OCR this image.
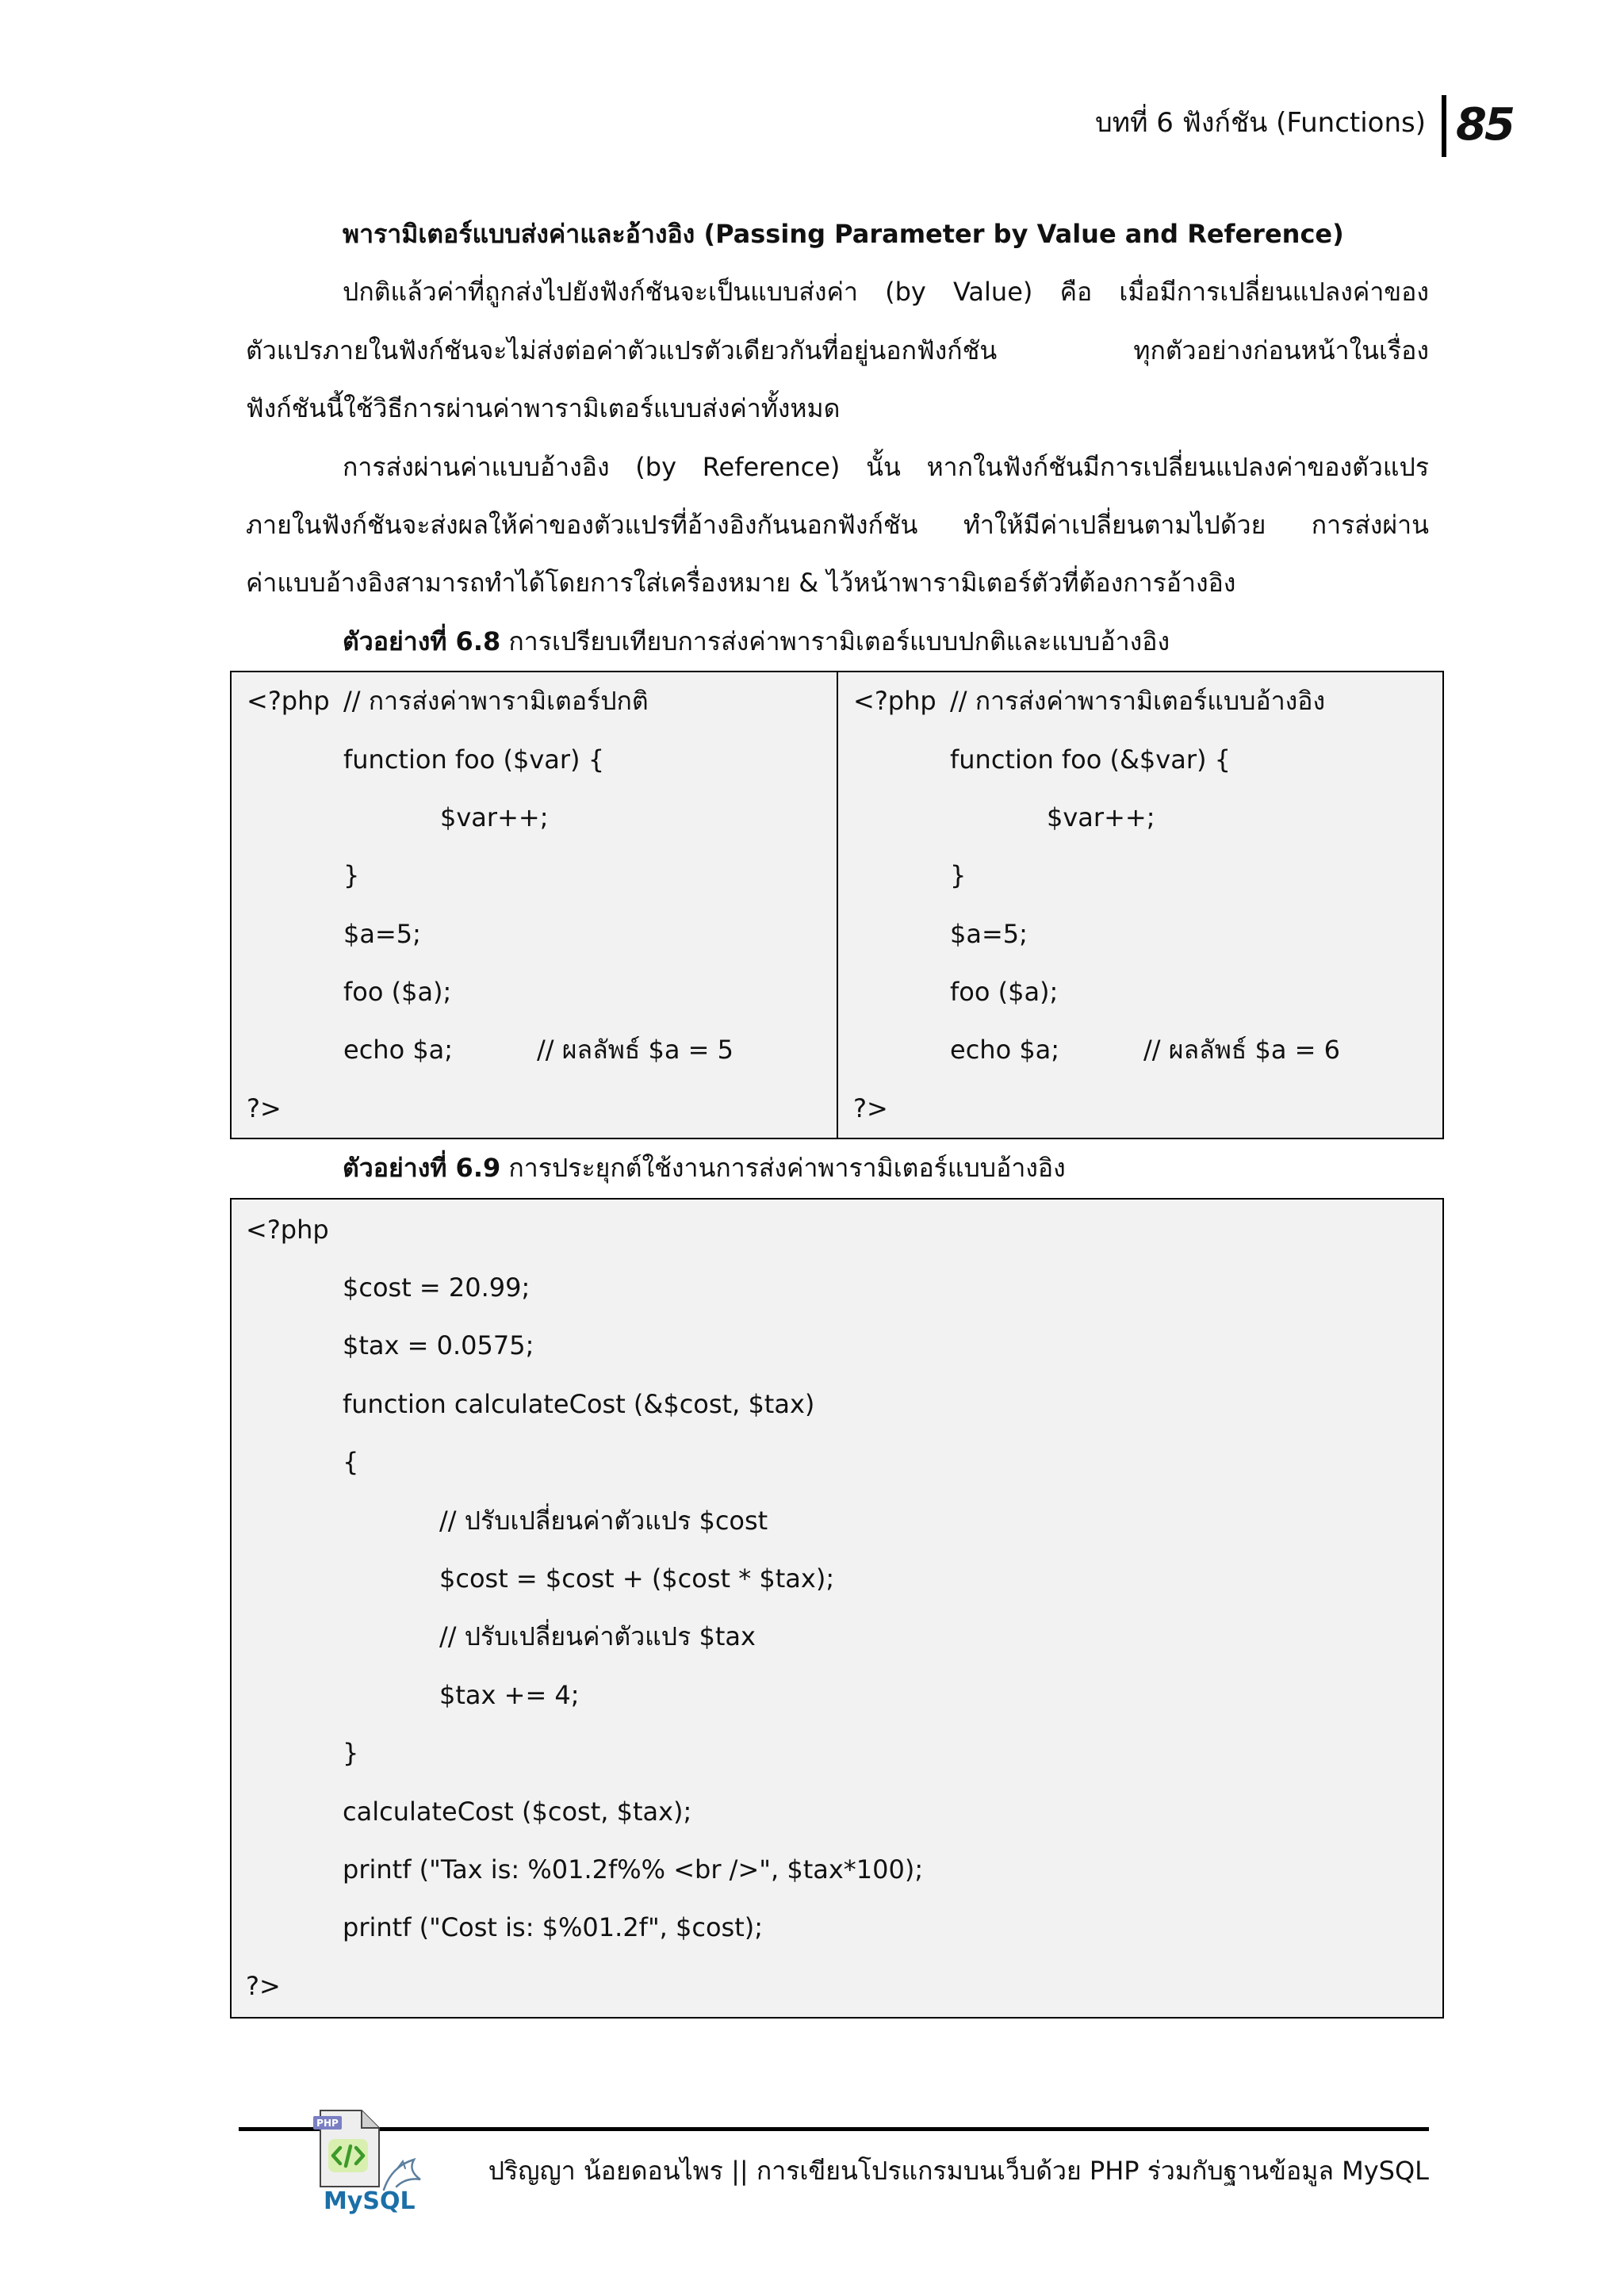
บทที่ 6 ฟังก์ชัน (Functions) 85
พารามิเตอร์แบบส่งค่าและอ้างอิง (Passing Parameter by Value and Reference)
ปกติแล้วค่าที่ถูกส่งไปยังฟังก์ชันจะเป็นแบบส่งค่า (by Value) คือ เมื่อมีการเปลี่ยนแปลงค่าของ
ตัวแปรภายในฟังก์ชันจะไม่ส่งต่อค่าตัวแปรตัวเดียวกันที่อยู่นอกฟังก์ชัน ทุกตัวอย่างก่อนหน้าในเรื่อง
ฟังก์ชันนี้ใช้วิธีการผ่านค่าพารามิเตอร์แบบส่งค่าทั้งหมด
การส่งผ่านค่าแบบอ้างอิง (by Reference) นั้น หากในฟังก์ชันมีการเปลี่ยนแปลงค่าของตัวแปร
ภายในฟังก์ชันจะส่งผลให้ค่าของตัวแปรที่อ้างอิงกันนอกฟังก์ชัน ทำให้มีค่าเปลี่ยนตามไปด้วย การส่งผ่าน
ค่าแบบอ้างอิงสามารถทำได้โดยการใส่เครื่องหมาย & ไว้หน้าพารามิเตอร์ตัวที่ต้องการอ้างอิง
ตัวอย่างที่ 6.8 การเปรียบเทียบการส่งค่าพารามิเตอร์แบบปกติและแบบอ้างอิง
<?php	// การส่งค่าพารามิเตอร์ปกติ
	function foo ($var) {
		$var++;
	}
	$a=5;
	foo ($a);
	echo $a;	// ผลลัพธ์ $a = 5
?>
<?php	// การส่งค่าพารามิเตอร์แบบอ้างอิง
	function foo (&$var) {
		$var++;
	}
	$a=5;
	foo ($a);
	echo $a;	// ผลลัพธ์ $a = 6
?>
ตัวอย่างที่ 6.9 การประยุกต์ใช้งานการส่งค่าพารามิเตอร์แบบอ้างอิง
<?php
	$cost = 20.99;
	$tax = 0.0575;
	function calculateCost (&$cost, $tax)
	{
		// ปรับเปลี่ยนค่าตัวแปร $cost
		$cost = $cost + ($cost * $tax);
		// ปรับเปลี่ยนค่าตัวแปร $tax
		$tax += 4;
	}
	calculateCost ($cost, $tax);
	printf ("Tax is: %01.2f%% <br />", $tax*100);
	printf ("Cost is: $%01.2f", $cost);
?>
PHP
MySQL
ปริญญา น้อยดอนไพร || การเขียนโปรแกรมบนเว็บด้วย PHP ร่วมกับฐานข้อมูล MySQL
